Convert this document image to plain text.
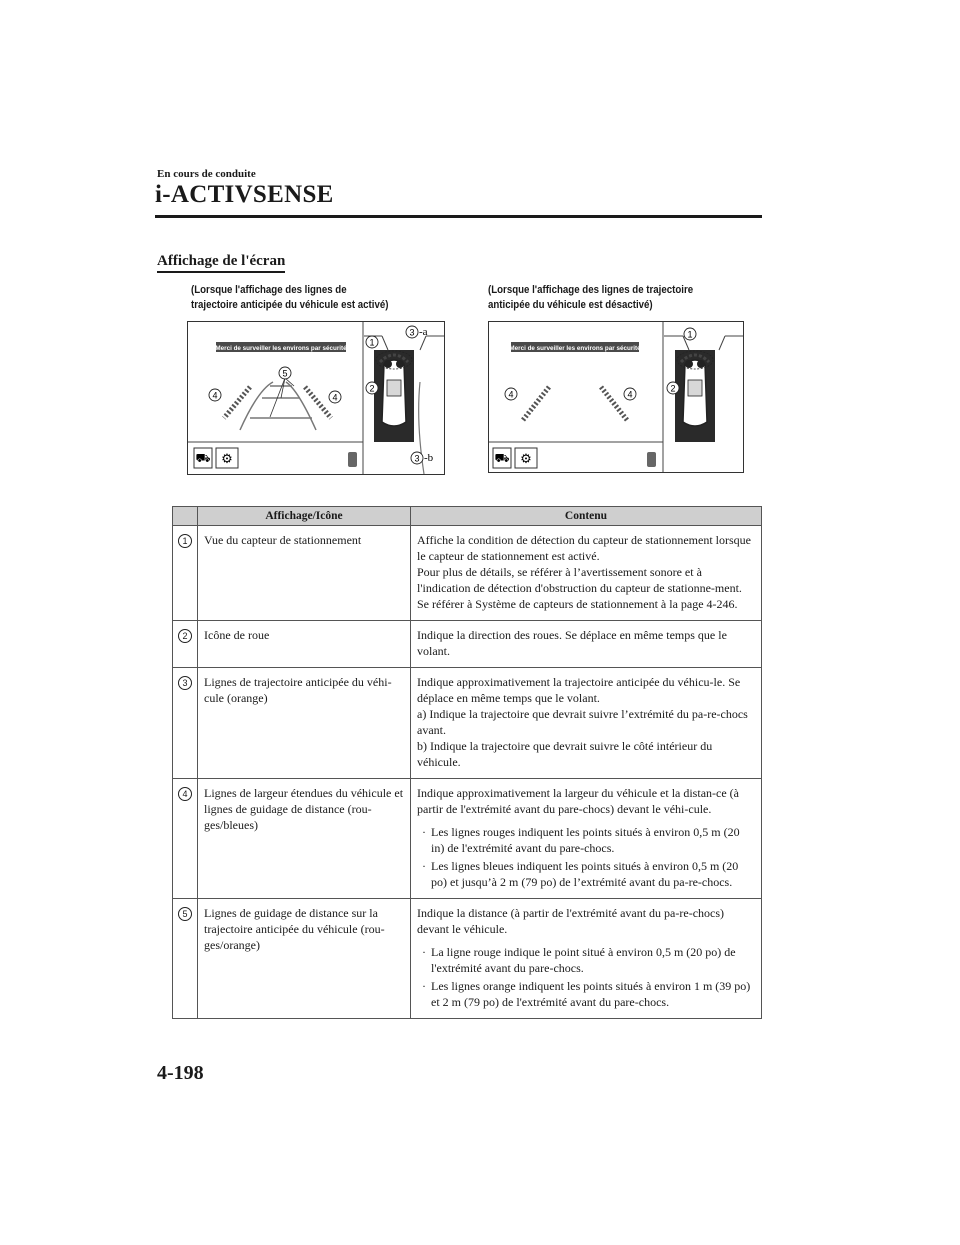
En cours de conduite
i-ACTIVSENSE
Affichage de l'écran
(Lorsque l'affichage des lignes de
trajectoire anticipée du véhicule est activé)
(Lorsque l'affichage des lignes de trajectoire
anticipée du véhicule est désactivé)
Merci de surveiller les environs par sécurité
5
4	4
⛟ ⚙
1
3 -a
2
3 -b
Merci de surveiller les environs par sécurité
4	4
⛟ ⚙
1
2
	Affichage/Icône	Contenu
1	Vue du capteur de stationnement	Affiche la condition de détection du capteur de stationnement lorsque le capteur de stationnement est activé.
Pour plus de détails, se référer à l’avertissement sonore et à l'indication de détection d'obstruction du capteur de stationne-ment.
Se référer à Système de capteurs de stationnement à la page 4-246.

2	Icône de roue	Indique la direction des roues. Se déplace en même temps que le volant.

3	Lignes de trajectoire anticipée du véhi-cule (orange)	Indique approximativement la trajectoire anticipée du véhicu-le. Se déplace en même temps que le volant.
a) Indique la trajectoire que devrait suivre l’extrémité du pa-re-chocs avant.
b) Indique la trajectoire que devrait suivre le côté intérieur du véhicule.

4	Lignes de largeur étendues du véhicule et lignes de guidage de distance (rou-ges/bleues)	Indique approximativement la largeur du véhicule et la distan-ce (à partir de l'extrémité avant du pare-chocs) devant le véhi-cule.
· Les lignes rouges indiquent les points situés à environ 0,5 m (20 in) de l'extrémité avant du pare-chocs.
· Les lignes bleues indiquent les points situés à environ 0,5 m (20 po) et jusqu’à 2 m (79 po) de l’extrémité avant du pa-re-chocs.

5	Lignes de guidage de distance sur la trajectoire anticipée du véhicule (rou-ges/orange)	Indique la distance (à partir de l'extrémité avant du pa-re-chocs) devant le véhicule.
· La ligne rouge indique le point situé à environ 0,5 m (20 po) de l'extrémité avant du pare-chocs.
· Les lignes orange indiquent les points situés à environ 1 m (39 po) et 2 m (79 po) de l'extrémité avant du pare-chocs.
4-198
